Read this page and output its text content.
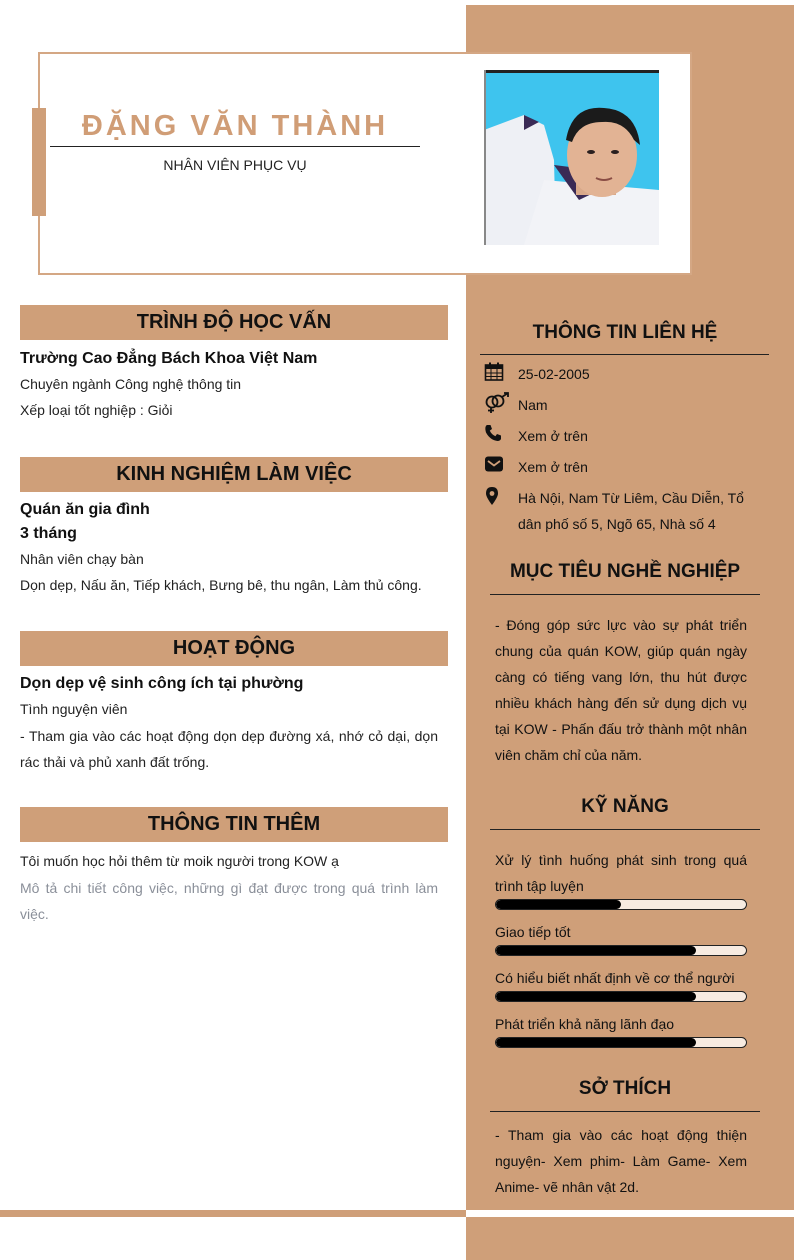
ĐẶNG VĂN THÀNH
NHÂN VIÊN PHỤC VỤ
TRÌNH ĐỘ HỌC VẤN
Trường Cao Đẳng Bách Khoa Việt Nam
Chuyên ngành Công nghệ thông tin
Xếp loại tốt nghiệp : Giỏi
KINH NGHIỆM LÀM VIỆC
Quán ăn gia đình
3 tháng
Nhân viên chạy bàn
Dọn dẹp, Nấu ăn, Tiếp khách, Bưng bê, thu ngân, Làm thủ công.
HOẠT ĐỘNG
Dọn dẹp vệ sinh công ích tại phường
Tình nguyện viên
- Tham gia vào các hoạt động dọn dẹp đường xá, nhớ cỏ dại, dọn rác thải và phủ xanh đất trống.
THÔNG TIN THÊM
Tôi muốn học hỏi thêm từ moik người trong KOW ạ
Mô tả chi tiết công việc, những gì đạt được trong quá trình làm việc.
THÔNG TIN LIÊN HỆ
25-02-2005
Nam
Xem ở trên
Xem ở trên
Hà Nội, Nam Từ Liêm, Cầu Diễn, Tổ dân phố số 5, Ngõ 65, Nhà số 4
MỤC TIÊU NGHỀ NGHIỆP
- Đóng góp sức lực vào sự phát triển chung của quán KOW, giúp quán ngày càng có tiếng vang lớn, thu hút được nhiều khách hàng đến sử dụng dịch vụ tại KOW - Phấn đấu trở thành một nhân viên chăm chỉ của năm.
KỸ NĂNG
Xử lý tình huống phát sinh trong quá trình tập luyện
Giao tiếp tốt
Có hiểu biết nhất định về cơ thể người
Phát triển khả năng lãnh đạo
SỞ THÍCH
- Tham gia vào các hoạt động thiện nguyện- Xem phim- Làm Game- Xem Anime- vẽ nhân vật 2d.
